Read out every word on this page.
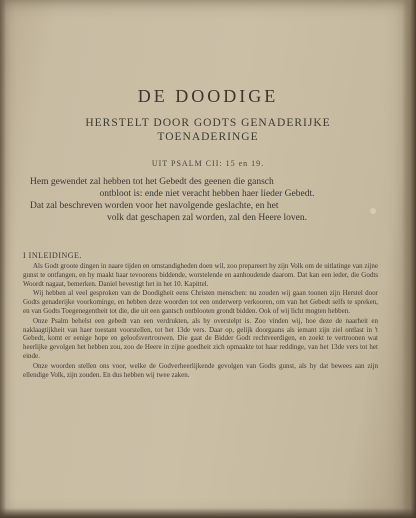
DE DOODIGE
HERSTELT DOOR GODTS GENADERIJKE
TOENADERINGE
UIT PSALM CII: 15 en 19.

Hem gewendet zal hebben tot het Gebedt des geenen die gansch

ontbloot is: ende niet veracht hebben haer lieder Gebedt.

Dat zal beschreven worden voor het navolgende geslachte, en het

volk dat geschapen zal worden, zal den Heere loven.

I INLEIDINGE.

Als Godt groote dingen in naare tijden en omstandigheden doen wil, zoo prepareert hy zijn Volk om de uitlatinge van zijne gunst te ontfangen, en hy maakt haar tevoorens biddende, worstelende en aanhoudende daarom. Dat kan een ieder, die Godts Woordt nagaat, bemerken. Daniel bevestigt het in het 10. Kapittel.

Wij hebben al veel gesproken van de Doodigheit eens Christen menschen: nu zouden wij gaan toonen zijn Herstel door Godts genaderijke voorkominge, en hebben deze woorden tot een onderwerp verkooren, om van het Gebedt selfs te spreken, en van Godts Toegenegentheit tot die, die uit een gantsch ontblooten grondt bidden. Ook of wij licht mogten hebben.

Onze Psalm behelst een gebedt van een verdrukten, als hy overstelpt is. Zoo vinden wij, hoe deze de naarheit en naklaagtijkheit van haer toestant voorstellen, tot het 13de vers. Daar op, gelijk doorgaans als iemant zijn ziel ontlast in 't Gebedt, komt er eenige hope en geloofsvertrouwen. Die gaat de Bidder Godt rechtveerdigen, en zoekt te vertroonen wat heerlijke gevolgen het hebben zou, zoo de Heere in zijne goedheit zich opmaakte tot haar reddinge, van het 13de vers tot het einde.

Onze woorden stellen ons voor, welke de Godverheerlijkende gevolgen van Godts gunst, als hy dat bewees aan zijn ellendige Volk, zijn zouden. En dus hebben wij twee zaken.
